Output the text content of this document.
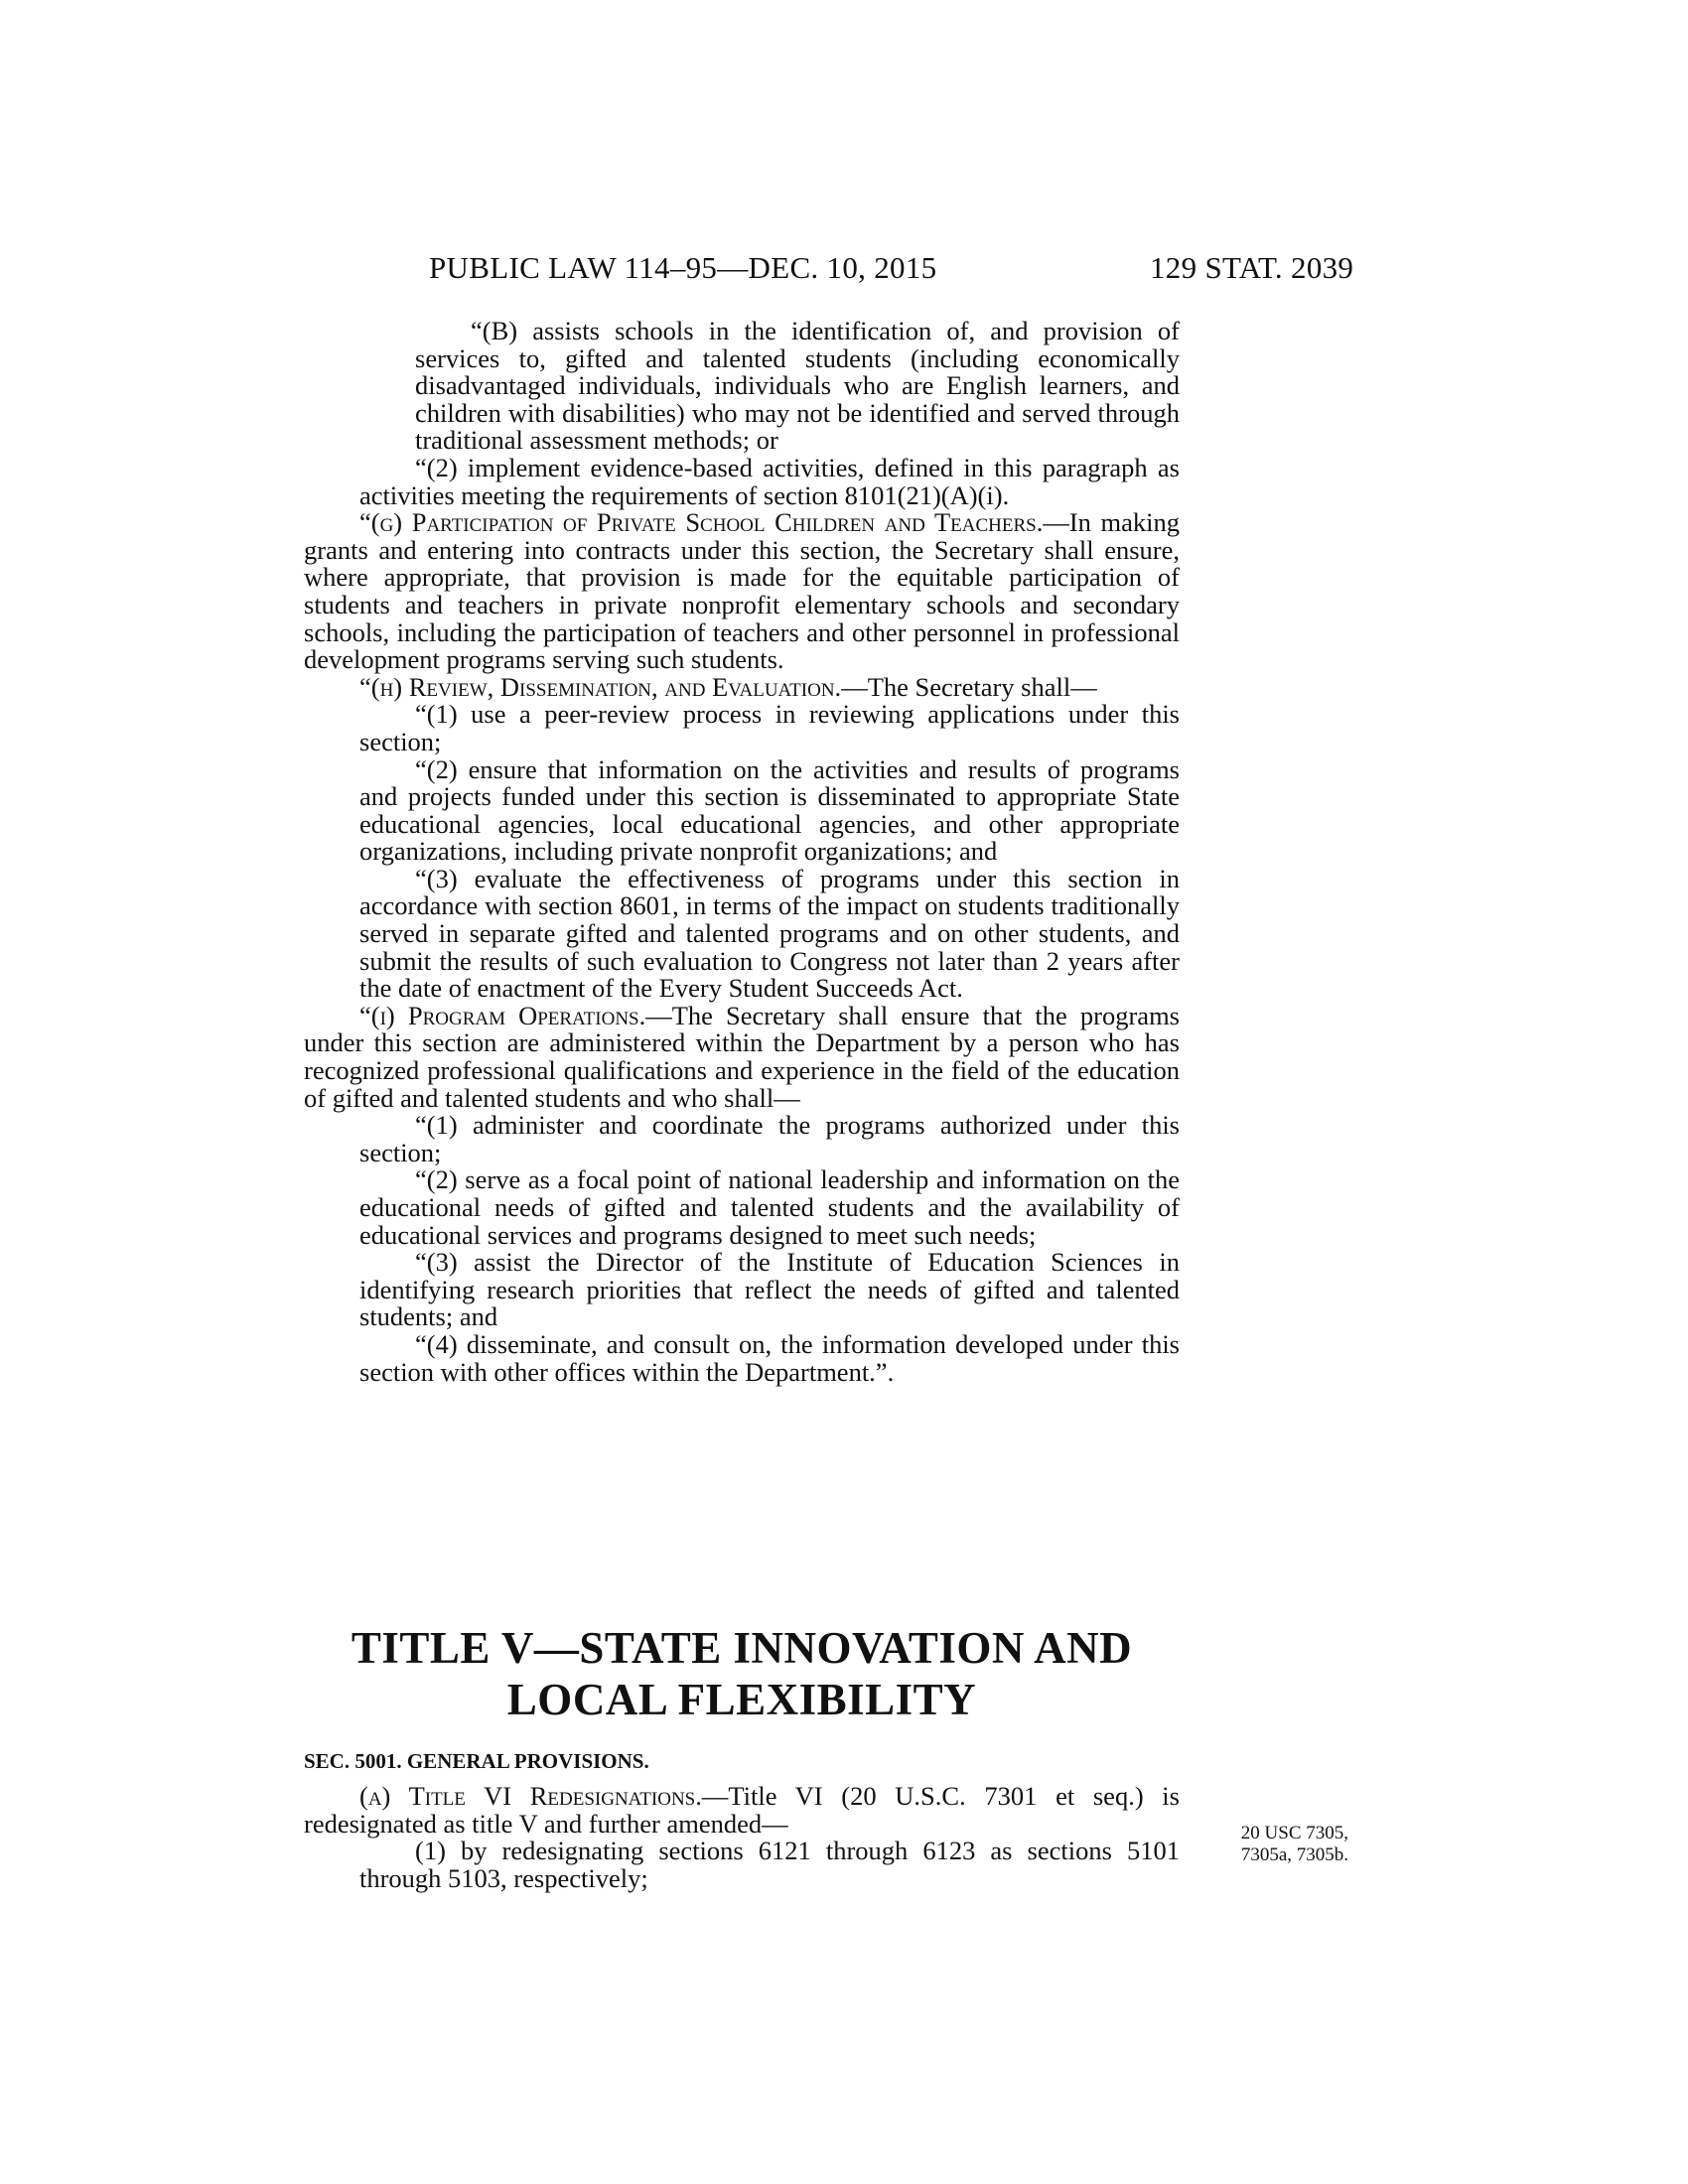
PUBLIC LAW 114–95—DEC. 10, 2015	129 STAT. 2039

“(B) assists schools in the identification of, and provision of services to, gifted and talented students (including economically disadvantaged individuals, individuals who are English learners, and children with disabilities) who may not be identified and served through traditional assessment methods; or

“(2) implement evidence-based activities, defined in this paragraph as activities meeting the requirements of section 8101(21)(A)(i).

“(g) Participation of Private School Children and Teachers.—In making grants and entering into contracts under this section, the Secretary shall ensure, where appropriate, that provision is made for the equitable participation of students and teachers in private nonprofit elementary schools and secondary schools, including the participation of teachers and other personnel in professional development programs serving such students.

“(h) Review, Dissemination, and Evaluation.—The Secretary shall—

“(1) use a peer-review process in reviewing applications under this section;

“(2) ensure that information on the activities and results of programs and projects funded under this section is disseminated to appropriate State educational agencies, local educational agencies, and other appropriate organizations, including private nonprofit organizations; and

“(3) evaluate the effectiveness of programs under this section in accordance with section 8601, in terms of the impact on students traditionally served in separate gifted and talented programs and on other students, and submit the results of such evaluation to Congress not later than 2 years after the date of enactment of the Every Student Succeeds Act.

“(i) Program Operations.—The Secretary shall ensure that the programs under this section are administered within the Department by a person who has recognized professional qualifications and experience in the field of the education of gifted and talented students and who shall—

“(1) administer and coordinate the programs authorized under this section;

“(2) serve as a focal point of national leadership and information on the educational needs of gifted and talented students and the availability of educational services and programs designed to meet such needs;

“(3) assist the Director of the Institute of Education Sciences in identifying research priorities that reflect the needs of gifted and talented students; and

“(4) disseminate, and consult on, the information developed under this section with other offices within the Department.”.

TITLE V—STATE INNOVATION AND
LOCAL FLEXIBILITY
SEC. 5001. GENERAL PROVISIONS.

(a) Title VI Redesignations.—Title VI (20 U.S.C. 7301 et seq.) is redesignated as title V and further amended—

(1) by redesignating sections 6121 through 6123 as sections 5101 through 5103, respectively;

20 USC 7305,
7305a, 7305b.
